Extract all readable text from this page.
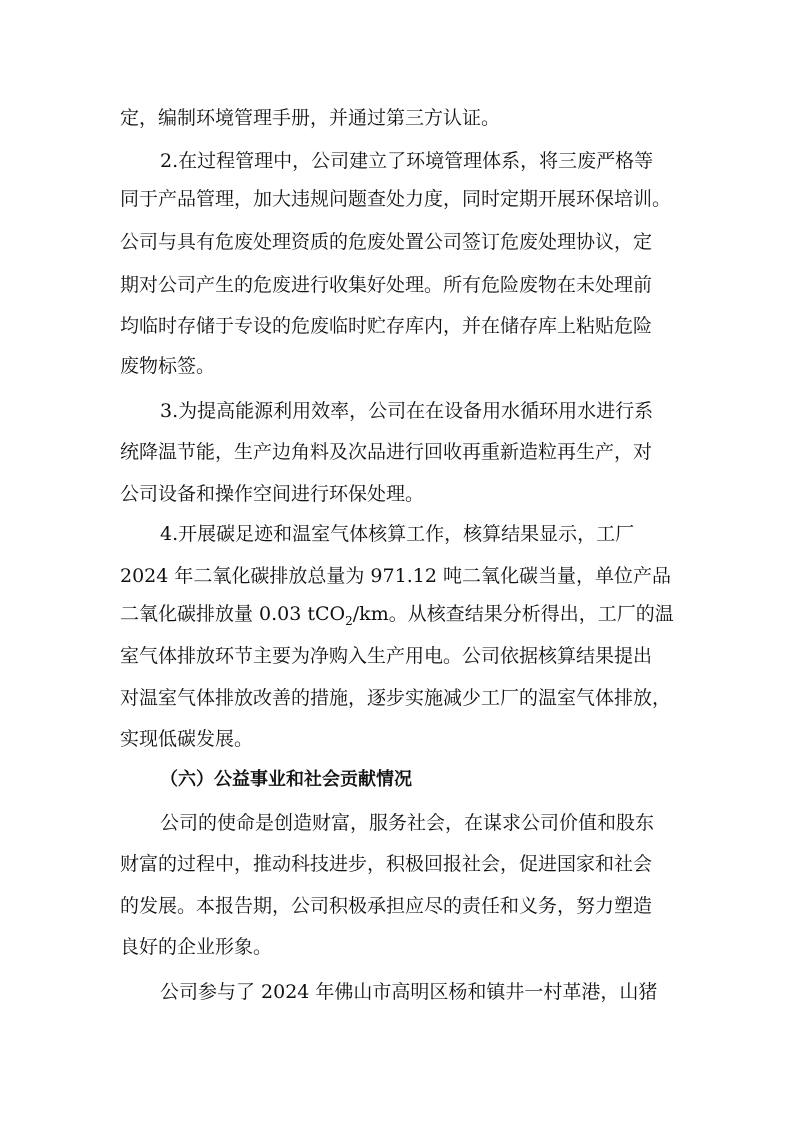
定，编制环境管理手册，并通过第三方认证。
2.在过程管理中，公司建立了环境管理体系，将三废严格等
同于产品管理，加大违规问题查处力度，同时定期开展环保培训。
公司与具有危废处理资质的危废处置公司签订危废处理协议，定
期对公司产生的危废进行收集好处理。所有危险废物在未处理前
均临时存储于专设的危废临时贮存库内，并在储存库上粘贴危险
废物标签。
3.为提高能源利用效率，公司在在设备用水循环用水进行系
统降温节能，生产边角料及次品进行回收再重新造粒再生产，对
公司设备和操作空间进行环保处理。
4.开展碳足迹和温室气体核算工作，核算结果显示，工厂
2024 年二氧化碳排放总量为 971.12 吨二氧化碳当量，单位产品
二氧化碳排放量 0.03 tCO$_2$/km。从核查结果分析得出，工厂的温
室气体排放环节主要为净购入生产用电。公司依据核算结果提出
对温室气体排放改善的措施，逐步实施减少工厂的温室气体排放，
实现低碳发展。
（六）公益事业和社会贡献情况
公司的使命是创造财富，服务社会，在谋求公司价值和股东
财富的过程中，推动科技进步，积极回报社会，促进国家和社会
的发展。本报告期，公司积极承担应尽的责任和义务，努力塑造
良好的企业形象。
公司参与了 2024 年佛山市高明区杨和镇井一村革港，山猪
